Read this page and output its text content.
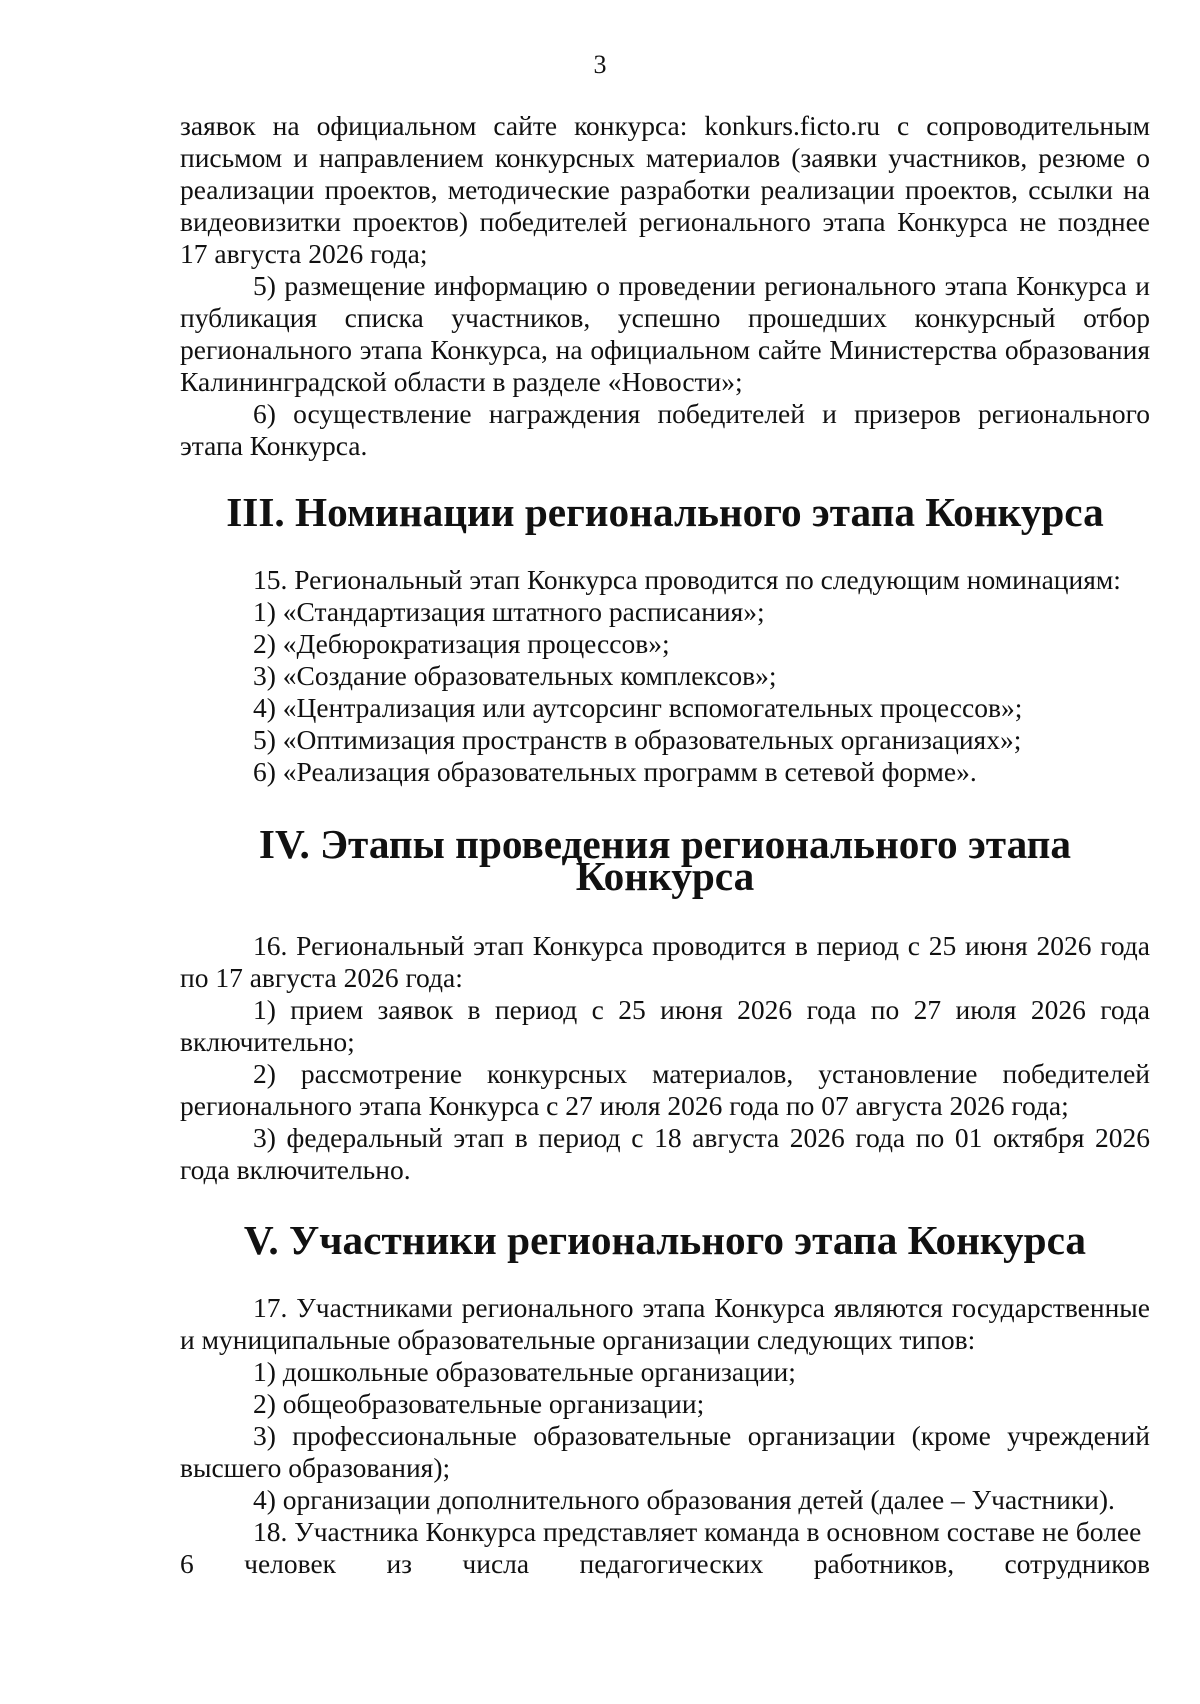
3

заявок на официальном сайте конкурса: konkurs.ficto.ru с сопроводительным письмом и направлением конкурсных материалов (заявки участников, резюме о реализации проектов, методические разработки реализации проектов, ссылки на видеовизитки проектов) победителей регионального этапа Конкурса не позднее 17 августа 2026 года;

5) размещение информацию о проведении регионального этапа Конкурса и публикация списка участников, успешно прошедших конкурсный отбор регионального этапа Конкурса, на официальном сайте Министерства образования Калининградской области в разделе «Новости»;

6) осуществление награждения победителей и призеров регионального этапа Конкурса.

III. Номинации регионального этапа Конкурса

15. Региональный этап Конкурса проводится по следующим номинациям:

1) «Стандартизация штатного расписания»;

2) «Дебюрократизация процессов»;

3) «Создание образовательных комплексов»;

4) «Централизация или аутсорсинг вспомогательных процессов»;

5) «Оптимизация пространств в образовательных организациях»;

6) «Реализация образовательных программ в сетевой форме».

IV. Этапы проведения регионального этапа Конкурса

16. Региональный этап Конкурса проводится в период с 25 июня 2026 года по 17 августа 2026 года:

1) прием заявок в период с 25 июня 2026 года по 27 июля 2026 года включительно;

2) рассмотрение конкурсных материалов, установление победителей регионального этапа Конкурса с 27 июля 2026 года по 07 августа 2026 года;

3) федеральный этап в период с 18 августа 2026 года по 01 октября 2026 года включительно.

V. Участники регионального этапа Конкурса

17. Участниками регионального этапа Конкурса являются государственные и муниципальные образовательные организации следующих типов:

1) дошкольные образовательные организации;

2) общеобразовательные организации;

3) профессиональные образовательные организации (кроме учреждений высшего образования);

4) организации дополнительного образования детей (далее – Участники).

18. Участника Конкурса представляет команда в основном составе не более

6 человек из числа педагогических работников, сотрудников
